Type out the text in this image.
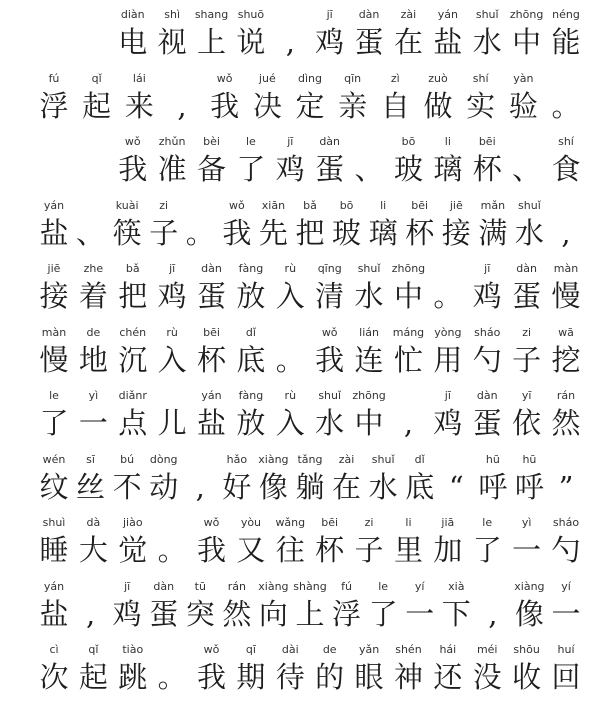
diàn
电
shì
视
shang
上
shuō
说 ,
jī
鸡
dàn
蛋
zài
在
yán
盐
shuǐ
水
zhōng
中
néng
能
fú
浮
qǐ
起
lái
来 ,
wǒ
我
jué
决
dìng
定
qīn
亲
zì
自
zuò
做
shí
实
yàn
验 。
wǒ
我
zhǔn
准
bèi
备
le
了
jī
鸡
dàn
蛋 、
bō
玻
li
璃
bēi
杯 、
shí
食
yán
盐 、
kuài
筷
zi
子 。
wǒ
我
xiān
先
bǎ
把
bō
玻
li
璃
bēi
杯
jiē
接
mǎn
满
shuǐ
水 ,
jiē
接
zhe
着
bǎ
把
jī
鸡
dàn
蛋
fàng
放
rù
入
qīng
清
shuǐ
水
zhōng
中 。
jī
鸡
dàn
蛋
màn
慢
màn
慢
de
地
chén
沉
rù
入
bēi
杯
dǐ
底 。
wǒ
我
lián
连
máng
忙
yòng
用
sháo
勺
zi
子
wā
挖
le
了
yì
一
diǎnr
点 儿
yán
盐
fàng
放
rù
入
shuǐ
水
zhōng
中 ,
jī
鸡
dàn
蛋
yī
依
rán
然
wén
纹
sī
丝
bú
不
dòng
动 ,
hǎo
好
xiàng
像
tǎng
躺
zài
在
shuǐ
水
dǐ
底 “
hū
呼
hū
呼 ”
shuì
睡
dà
大
jiào
觉 。
wǒ
我
yòu
又
wǎng
往
bēi
杯
zi
子
li
里
jiā
加
le
了
yì
一
sháo
勺
yán
盐 ,
jī
鸡
dàn
蛋
tū
突
rán
然
xiàng
向
shàng
上
fú
浮
le
了
yí
一
xià
下 ,
xiàng
像
yí
一
cì
次
qǐ
起
tiào
跳 。
wǒ
我
qī
期
dài
待
de
的
yǎn
眼
shén
神
hái
还
méi
没
shōu
收
huí
回
